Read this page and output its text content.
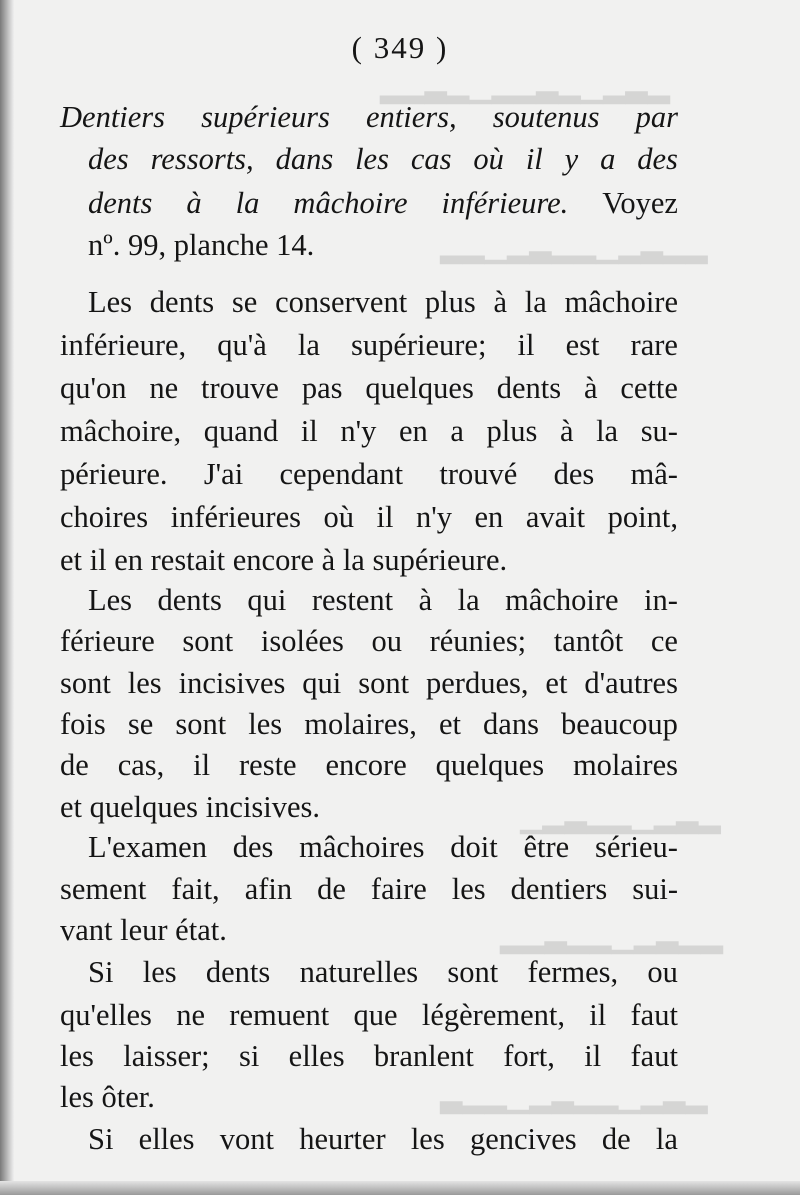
▂▃▂▁▂▃▂▂▁▂▃▂▂
▂▂▃▂▁▂▂▃▂▁▂▂
▂▃▂▁▂▂▃▂▁
▂▂▃▂▁▂▂▃▂▂
▂▃▂▁▂▂▃▂▁▂▂▃
( 349 )
Dentiers supérieurs entiers, soutenus par
des ressorts, dans les cas où il y a des
dents à la mâchoire inférieure. Voyez
nº. 99, planche 14.
Les dents se conservent plus à la mâchoire
inférieure, qu'à la supérieure; il est rare
qu'on ne trouve pas quelques dents à cette
mâchoire, quand il n'y en a plus à la su-
périeure. J'ai cependant trouvé des mâ-
choires inférieures où il n'y en avait point,
et il en restait encore à la supérieure.
Les dents qui restent à la mâchoire in-
férieure sont isolées ou réunies; tantôt ce
sont les incisives qui sont perdues, et d'autres
fois se sont les molaires, et dans beaucoup
de cas, il reste encore quelques molaires
et quelques incisives.
L'examen des mâchoires doit être sérieu-
sement fait, afin de faire les dentiers sui-
vant leur état.
Si les dents naturelles sont fermes, ou
qu'elles ne remuent que légèrement, il faut
les laisser; si elles branlent fort, il faut
les ôter.
Si elles vont heurter les gencives de la
